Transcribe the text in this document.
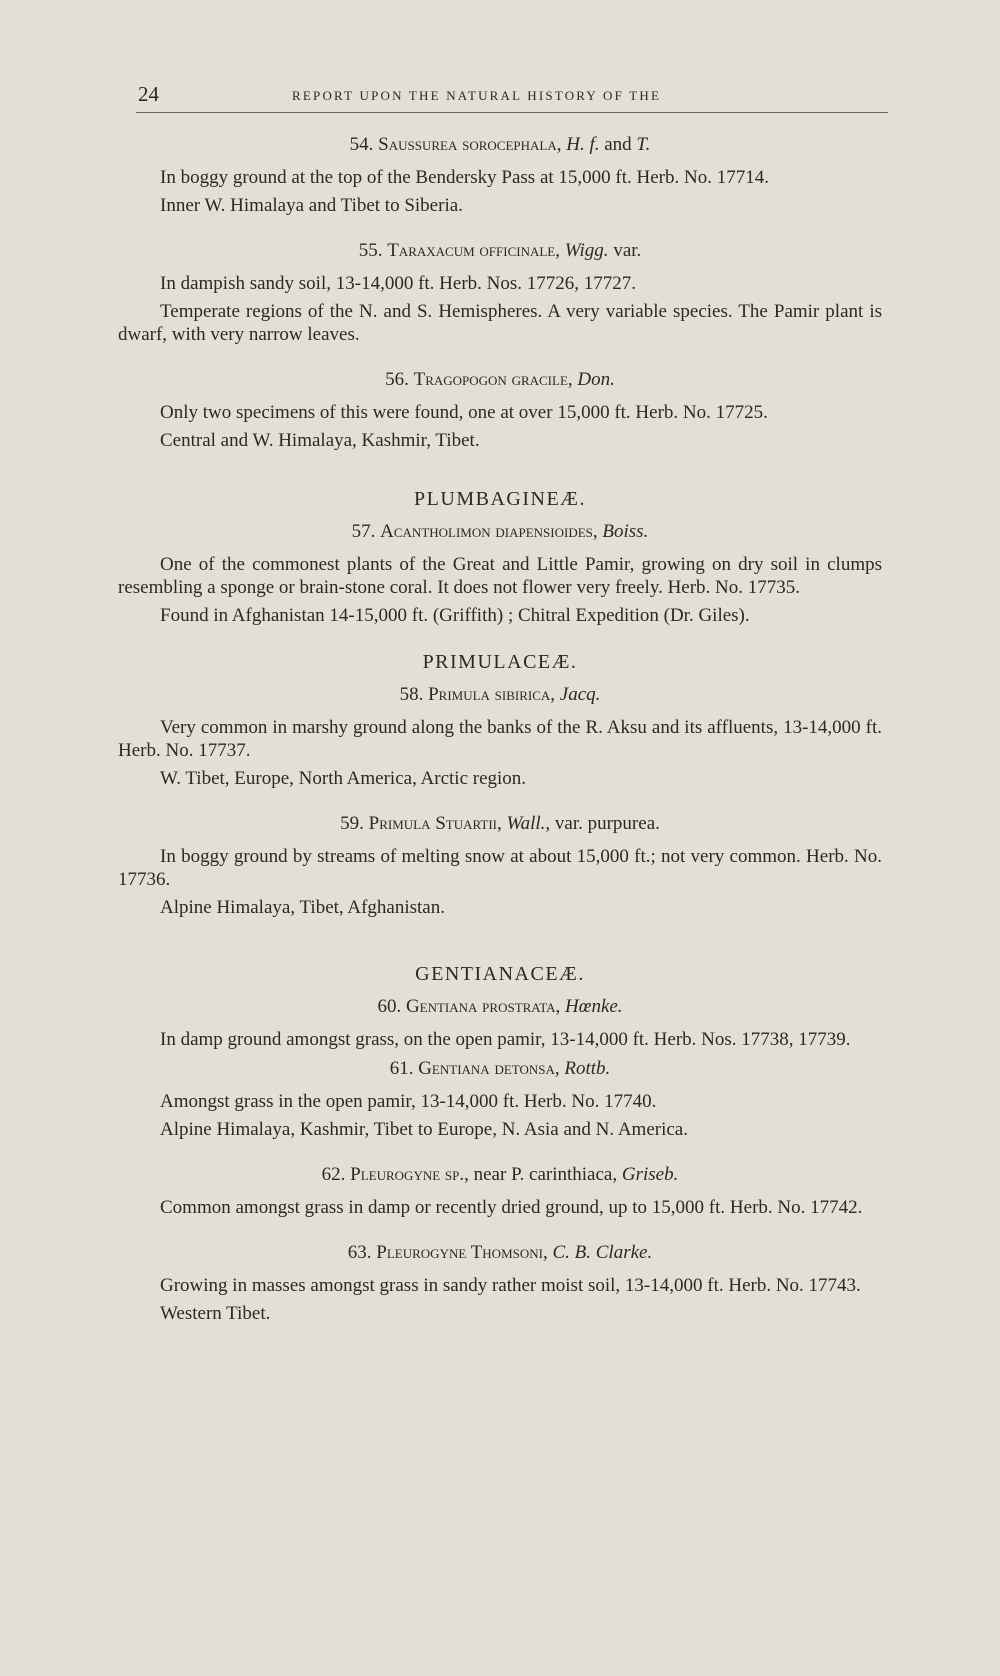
24	REPORT UPON THE NATURAL HISTORY OF THE
54. Saussurea sorocephala, H. f. and T.

In boggy ground at the top of the Bendersky Pass at 15,000 ft. Herb. No. 17714.

Inner W. Himalaya and Tibet to Siberia.

55. Taraxacum officinale, Wigg. var.

In dampish sandy soil, 13-14,000 ft. Herb. Nos. 17726, 17727.

Temperate regions of the N. and S. Hemispheres. A very variable species. The Pamir plant is dwarf, with very narrow leaves.

56. Tragopogon gracile, Don.

Only two specimens of this were found, one at over 15,000 ft. Herb. No. 17725.

Central and W. Himalaya, Kashmir, Tibet.

PLUMBAGINEÆ.
57. Acantholimon diapensioides, Boiss.

One of the commonest plants of the Great and Little Pamir, growing on dry soil in clumps resembling a sponge or brain-stone coral. It does not flower very freely. Herb. No. 17735.

Found in Afghanistan 14-15,000 ft. (Griffith) ; Chitral Expedition (Dr. Giles).

PRIMULACEÆ.
58. Primula sibirica, Jacq.

Very common in marshy ground along the banks of the R. Aksu and its affluents, 13-14,000 ft. Herb. No. 17737.

W. Tibet, Europe, North America, Arctic region.

59. Primula Stuartii, Wall., var. purpurea.

In boggy ground by streams of melting snow at about 15,000 ft.; not very common. Herb. No. 17736.

Alpine Himalaya, Tibet, Afghanistan.

GENTIANACEÆ.
60. Gentiana prostrata, Hœnke.

In damp ground amongst grass, on the open pamir, 13-14,000 ft. Herb. Nos. 17738, 17739.

61. Gentiana detonsa, Rottb.

Amongst grass in the open pamir, 13-14,000 ft. Herb. No. 17740.

Alpine Himalaya, Kashmir, Tibet to Europe, N. Asia and N. America.

62. Pleurogyne sp., near P. carinthiaca, Griseb.

Common amongst grass in damp or recently dried ground, up to 15,000 ft. Herb. No. 17742.

63. Pleurogyne Thomsoni, C. B. Clarke.

Growing in masses amongst grass in sandy rather moist soil, 13-14,000 ft. Herb. No. 17743.

Western Tibet.
